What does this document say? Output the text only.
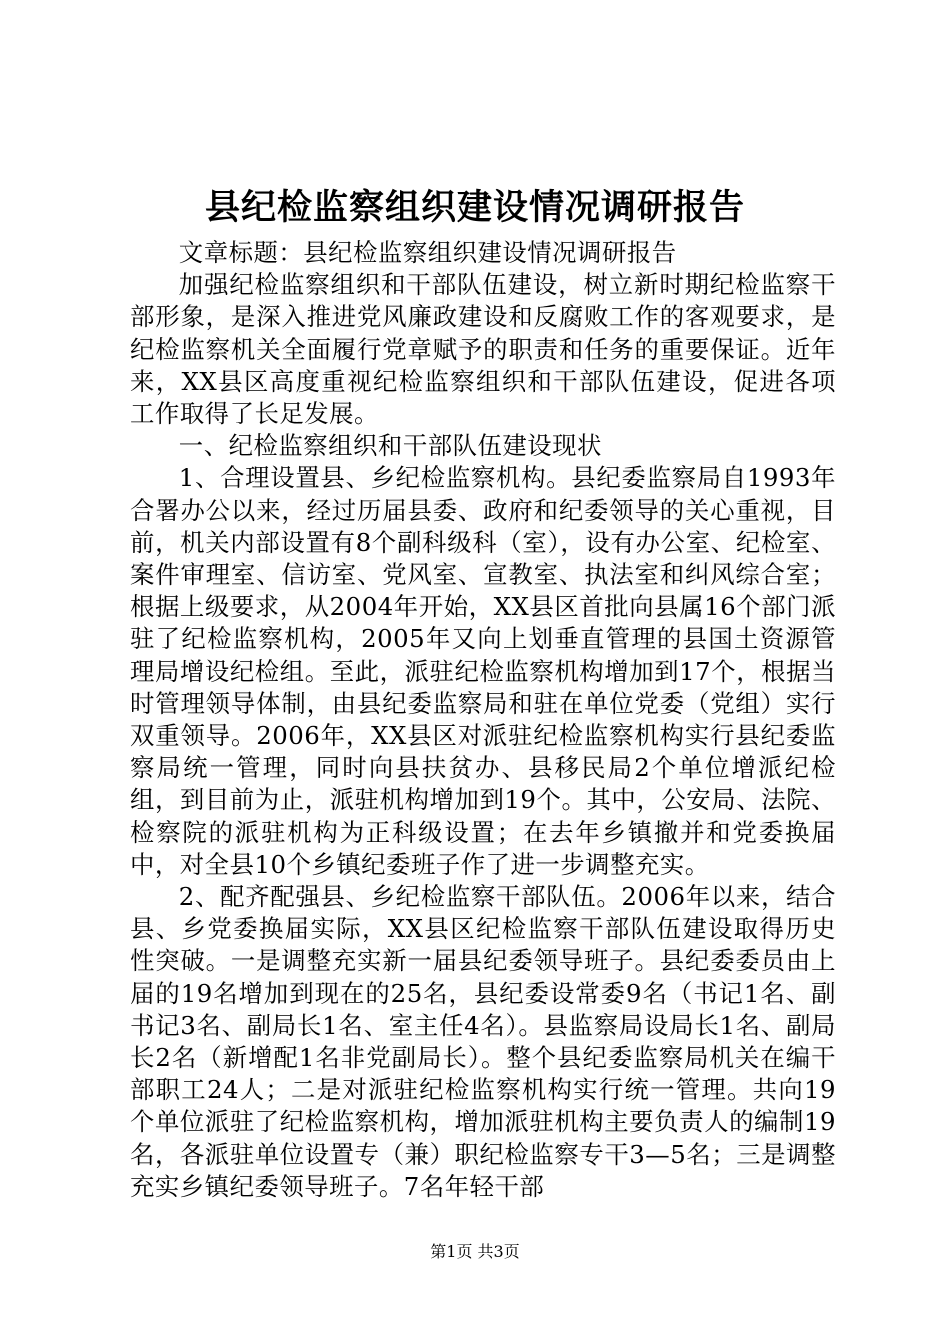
县纪检监察组织建设情况调研报告

文章标题：县纪检监察组织建设情况调研报告

加强纪检监察组织和干部队伍建设，树立新时期纪检监察干部形象，是深入推进党风廉政建设和反腐败工作的客观要求，是纪检监察机关全面履行党章赋予的职责和任务的重要保证。近年来，XX县区高度重视纪检监察组织和干部队伍建设，促进各项工作取得了长足发展。

一、纪检监察组织和干部队伍建设现状

1、合理设置县、乡纪检监察机构。县纪委监察局自1993年合署办公以来，经过历届县委、政府和纪委领导的关心重视，目前，机关内部设置有8个副科级科（室），设有办公室、纪检室、案件审理室、信访室、党风室、宣教室、执法室和纠风综合室；根据上级要求，从2004年开始，XX县区首批向县属16个部门派驻了纪检监察机构，2005年又向上划垂直管理的县国土资源管理局增设纪检组。至此，派驻纪检监察机构增加到17个，根据当时管理领导体制，由县纪委监察局和驻在单位党委（党组）实行双重领导。2006年，XX县区对派驻纪检监察机构实行县纪委监察局统一管理，同时向县扶贫办、县移民局2个单位增派纪检组，到目前为止，派驻机构增加到19个。其中，公安局、法院、检察院的派驻机构为正科级设置；在去年乡镇撤并和党委换届中，对全县10个乡镇纪委班子作了进一步调整充实。

2、配齐配强县、乡纪检监察干部队伍。2006年以来，结合县、乡党委换届实际，XX县区纪检监察干部队伍建设取得历史性突破。一是调整充实新一届县纪委领导班子。县纪委委员由上届的19名增加到现在的25名，县纪委设常委9名（书记1名、副书记3名、副局长1名、室主任4名）。县监察局设局长1名、副局长2名（新增配1名非党副局长）。整个县纪委监察局机关在编干部职工24人；二是对派驻纪检监察机构实行统一管理。共向19个单位派驻了纪检监察机构，增加派驻机构主要负责人的编制19名，各派驻单位设置专（兼）职纪检监察专干3—5名；三是调整充实乡镇纪委领导班子。7名年轻干部

第1页 共3页
